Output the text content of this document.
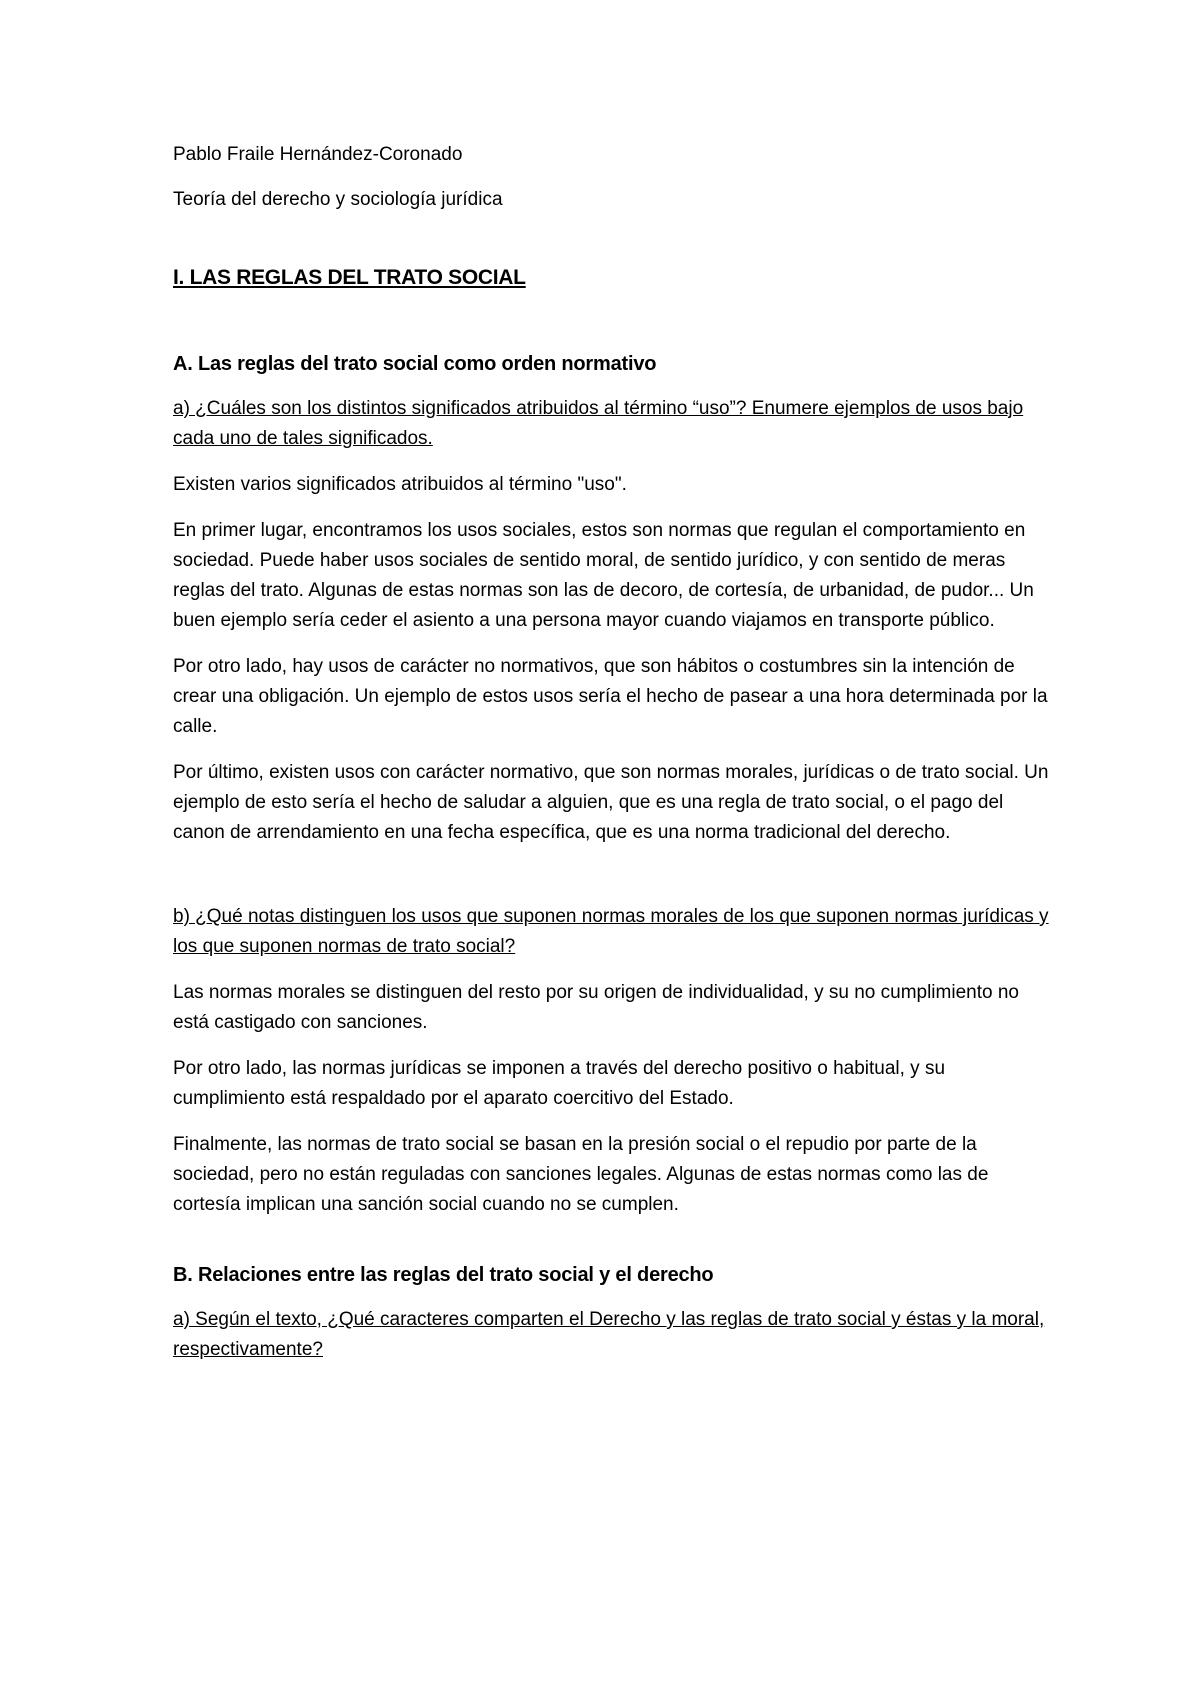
Pablo Fraile Hernández-Coronado

Teoría del derecho y sociología jurídica

I. LAS REGLAS DEL TRATO SOCIAL

A. Las reglas del trato social como orden normativo

a) ¿Cuáles son los distintos significados atribuidos al término “uso”? Enumere ejemplos de usos bajo cada uno de tales significados.

Existen varios significados atribuidos al término "uso".

En primer lugar, encontramos los usos sociales, estos son normas que regulan el comportamiento en sociedad. Puede haber usos sociales de sentido moral, de sentido jurídico, y con sentido de meras reglas del trato. Algunas de estas normas son las de decoro, de cortesía, de urbanidad, de pudor... Un buen ejemplo sería ceder el asiento a una persona mayor cuando viajamos en transporte público.

Por otro lado, hay usos de carácter no normativos, que son hábitos o costumbres sin la intención de crear una obligación. Un ejemplo de estos usos sería el hecho de pasear a una hora determinada por la calle.

Por último, existen usos con carácter normativo, que son normas morales, jurídicas o de trato social. Un ejemplo de esto sería el hecho de saludar a alguien, que es una regla de trato social, o el pago del canon de arrendamiento en una fecha específica, que es una norma tradicional del derecho.

b) ¿Qué notas distinguen los usos que suponen normas morales de los que suponen normas jurídicas y los que suponen normas de trato social?

Las normas morales se distinguen del resto por su origen de individualidad, y su no cumplimiento no está castigado con sanciones.

Por otro lado, las normas jurídicas se imponen a través del derecho positivo o habitual, y su cumplimiento está respaldado por el aparato coercitivo del Estado.

Finalmente, las normas de trato social se basan en la presión social o el repudio por parte de la sociedad, pero no están reguladas con sanciones legales. Algunas de estas normas como las de cortesía implican una sanción social cuando no se cumplen.

B. Relaciones entre las reglas del trato social y el derecho

a) Según el texto, ¿Qué caracteres comparten el Derecho y las reglas de trato social y éstas y la moral, respectivamente?
